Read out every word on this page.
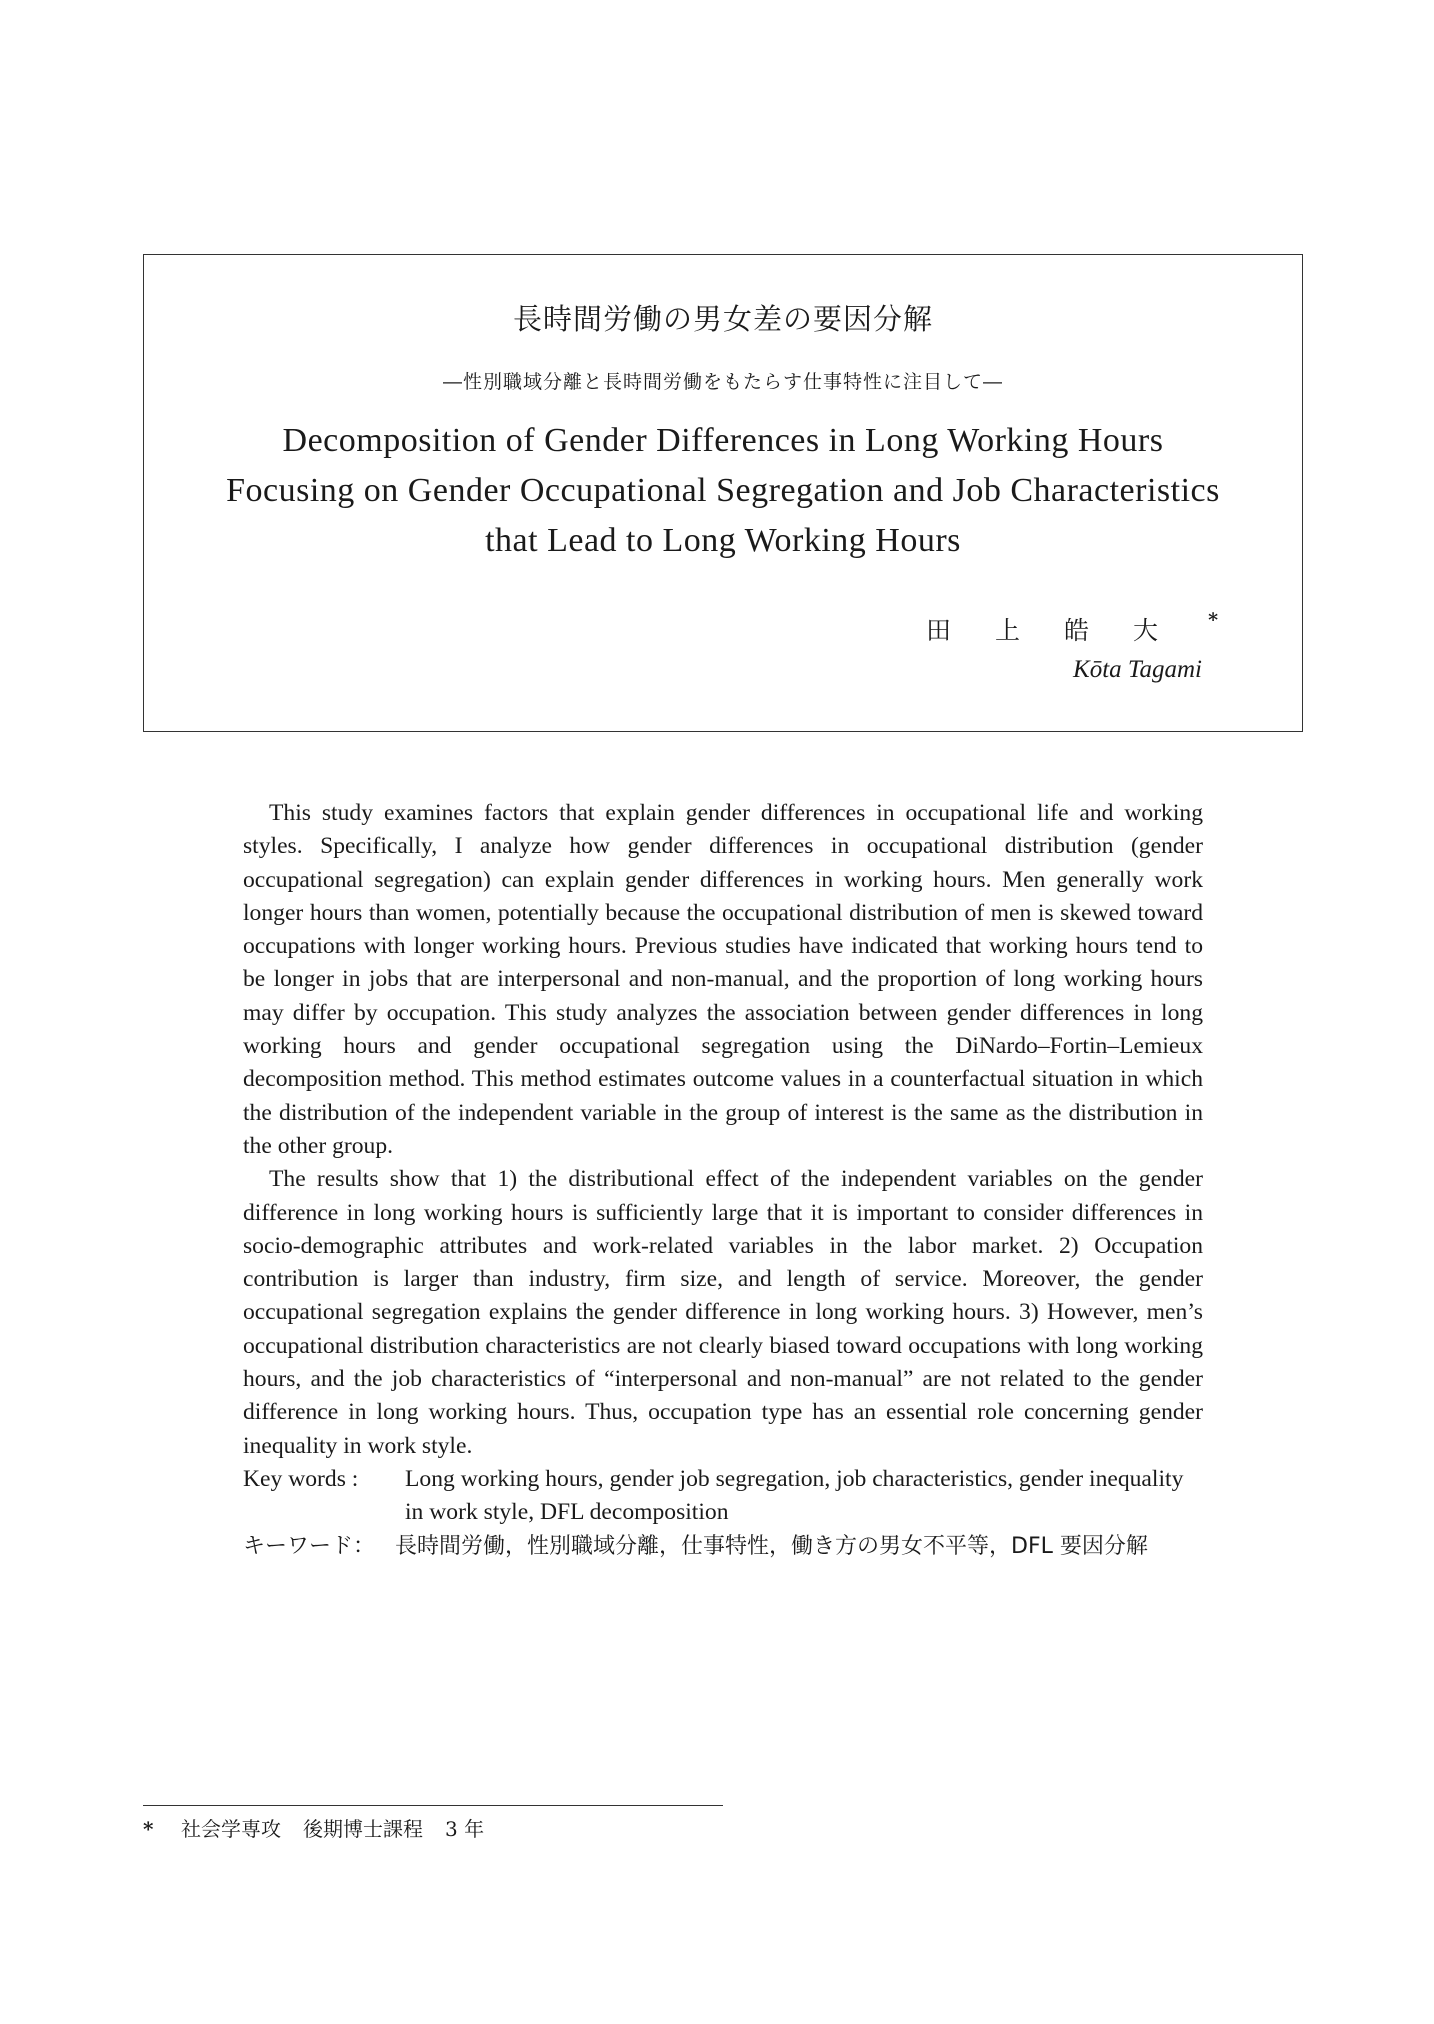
長時間労働の男女差の要因分解
―性別職域分離と長時間労働をもたらす仕事特性に注目して―
Decomposition of Gender Differences in Long Working Hours
Focusing on Gender Occupational Segregation and Job Characteristics
that Lead to Long Working Hours
田上皓大 *
Kōta Tagami

This study examines factors that explain gender differences in occupational life and working styles. Specifically, I analyze how gender differences in occupational distribution (gender occupational segregation) can explain gender differences in working hours. Men generally work longer hours than women, potentially because the occupational distribution of men is skewed toward occupations with longer working hours. Previous studies have indicated that working hours tend to be longer in jobs that are interpersonal and non-manual, and the proportion of long working hours may differ by occupation. This study analyzes the association between gender differences in long working hours and gender occupational segregation using the DiNardo–Fortin–Lemieux decomposition method. This method estimates outcome values in a counterfactual situation in which the distribution of the independent variable in the group of interest is the same as the distribution in the other group.

The results show that 1) the distributional effect of the independent variables on the gender difference in long working hours is sufficiently large that it is important to consider differences in socio-demographic attributes and work-related variables in the labor market. 2) Occupation contribution is larger than industry, firm size, and length of service. Moreover, the gender occupational segregation explains the gender difference in long working hours. 3) However, men’s occupational distribution characteristics are not clearly biased toward occupations with long working hours, and the job characteristics of “interpersonal and non-manual” are not related to the gender difference in long working hours. Thus, occupation type has an essential role concerning gender inequality in work style.

Key words :	Long working hours, gender job segregation, job characteristics, gender inequality in work style, DFL decomposition
キーワード： 長時間労働，性別職域分離，仕事特性，働き方の男女不平等，DFL 要因分解
* 社会学専攻 後期博士課程 3 年
